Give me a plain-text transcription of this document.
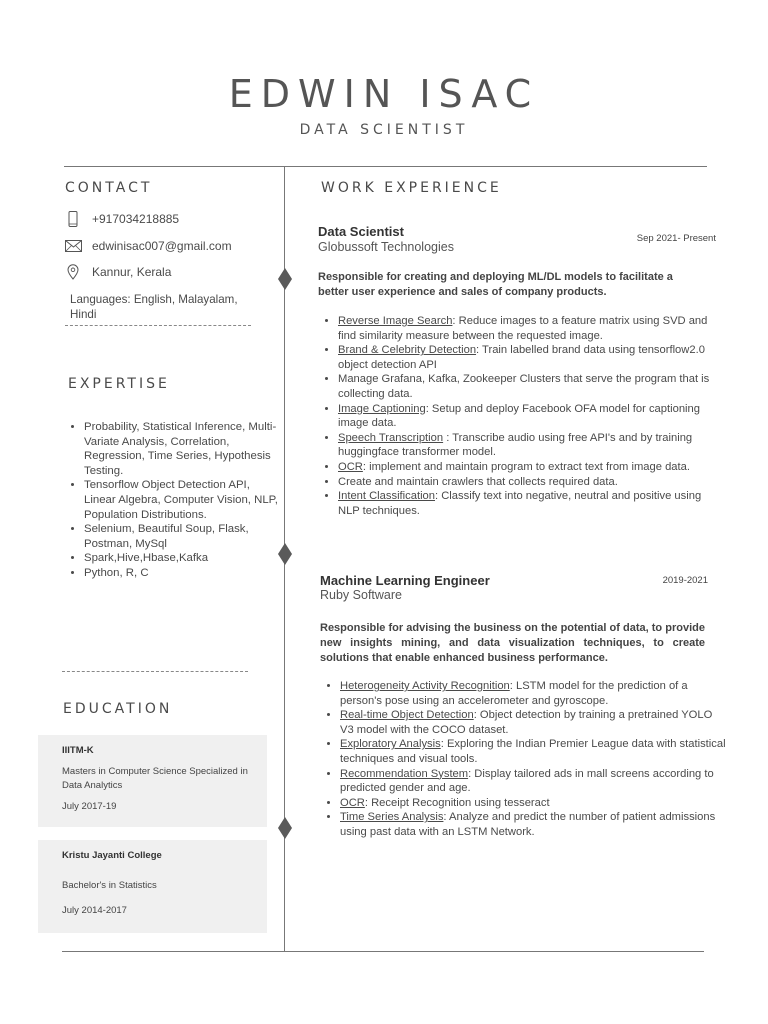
EDWIN ISAC
DATA SCIENTIST
CONTACT
+917034218885
edwinisac007@gmail.com
Kannur, Kerala
Languages: English, Malayalam, Hindi
EXPERTISE
• Probability, Statistical Inference, Multi-Variate Analysis, Correlation, Regression, Time Series, Hypothesis Testing.
• Tensorflow Object Detection API, Linear Algebra, Computer Vision, NLP, Population Distributions.
• Selenium, Beautiful Soup, Flask, Postman, MySql
• Spark,Hive,Hbase,Kafka
• Python, R, C
EDUCATION
IIITM-K
Masters in Computer Science Specialized in Data Analytics
July 2017-19
Kristu Jayanti College
Bachelor's in Statistics
July 2014-2017
WORK EXPERIENCE
Data Scientist
Globussoft Technologies
Sep 2021- Present
Responsible for creating and deploying ML/DL models to facilitate a better user experience and sales of company products.
• Reverse Image Search: Reduce images to a feature matrix using SVD and find similarity measure between the requested image.
• Brand & Celebrity Detection: Train labelled brand data using tensorflow2.0 object detection API
• Manage Grafana, Kafka, Zookeeper Clusters that serve the program that is collecting data.
• Image Captioning: Setup and deploy Facebook OFA model for captioning image data.
• Speech Transcription : Transcribe audio using free API's and by training huggingface transformer model.
• OCR: implement and maintain program to extract text from image data.
• Create and maintain crawlers that collects required data.
• Intent Classification: Classify text into negative, neutral and positive using NLP techniques.
Machine Learning Engineer
Ruby Software
2019-2021
Responsible for advising the business on the potential of data, to provide new insights mining, and data visualization techniques, to create solutions that enable enhanced business performance.
• Heterogeneity Activity Recognition: LSTM model for the prediction of a person's pose using an accelerometer and gyroscope.
• Real-time Object Detection: Object detection by training a pretrained YOLO V3 model with the COCO dataset.
• Exploratory Analysis: Exploring the Indian Premier League data with statistical techniques and visual tools.
• Recommendation System: Display tailored ads in mall screens according to predicted gender and age.
• OCR: Receipt Recognition using tesseract
• Time Series Analysis: Analyze and predict the number of patient admissions using past data with an LSTM Network.
